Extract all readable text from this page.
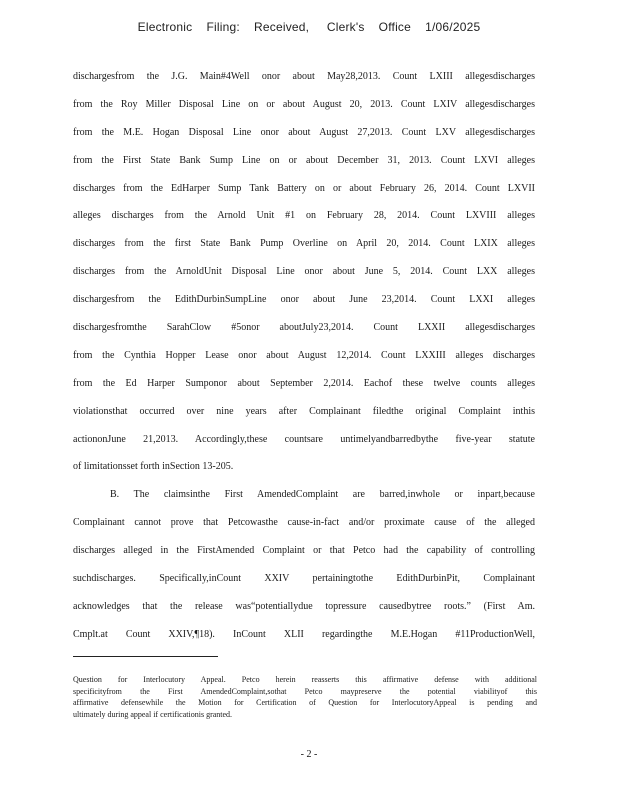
Electronic    Filing:    Received,     Clerk's    Office    1/06/2025
dischargesfrom the J.G. Main#4Well onor about May28,2013. Count LXIII allegesdischarges
from the Roy Miller Disposal Line on or about August 20, 2013. Count LXIV allegesdischarges
from the M.E. Hogan Disposal Line onor about August 27,2013. Count LXV allegesdischarges
from the First State Bank Sump Line on or about December 31, 2013. Count LXVI alleges
discharges from the EdHarper Sump Tank Battery on or about February 26, 2014. Count LXVII
alleges discharges from the Arnold Unit #1 on February 28, 2014. Count LXVIII alleges
discharges from the first State Bank Pump Overline on April 20, 2014. Count LXIX alleges
discharges from the ArnoldUnit Disposal Line onor about June 5, 2014. Count LXX alleges
dischargesfrom the EdithDurbinSumpLine onor about June 23,2014. Count LXXI alleges
dischargesfromthe SarahClow #5onor aboutJuly23,2014. Count LXXII allegesdischarges
from the Cynthia Hopper Lease onor about August 12,2014. Count LXXIII alleges discharges
from the Ed Harper Sumponor about September 2,2014. Eachof these twelve counts alleges
violationsthat occurred over nine years after Complainant filedthe original Complaint inthis
actiononJune 21,2013. Accordingly,these countsare untimelyandbarredbythe five-year statute
of limitationsset forth inSection 13-205.
B. The claimsinthe First AmendedComplaint are barred,inwhole or inpart,because
Complainant cannot prove that Petcowasthe cause-in-fact and/or proximate cause of the alleged
discharges alleged in the FirstAmended Complaint or that Petco had the capability of controlling
suchdischarges. Specifically,inCount XXIV pertainingtothe EdithDurbinPit, Complainant
acknowledges that the release was“potentiallydue topressure causedbytree roots.” (First Am.
Cmplt.at Count XXIV,¶18). InCount XLII regardingthe M.E.Hogan #11ProductionWell,
Question for Interlocutory Appeal. Petco herein reasserts this affirmative defense with additional
specificityfrom the First AmendedComplaint,sothat Petco maypreserve the potential viabilityof this
affirmative defensewhile the Motion for Certification of Question for InterlocutoryAppeal is pending and
ultimately during appeal if certificationis granted.
- 2 -
